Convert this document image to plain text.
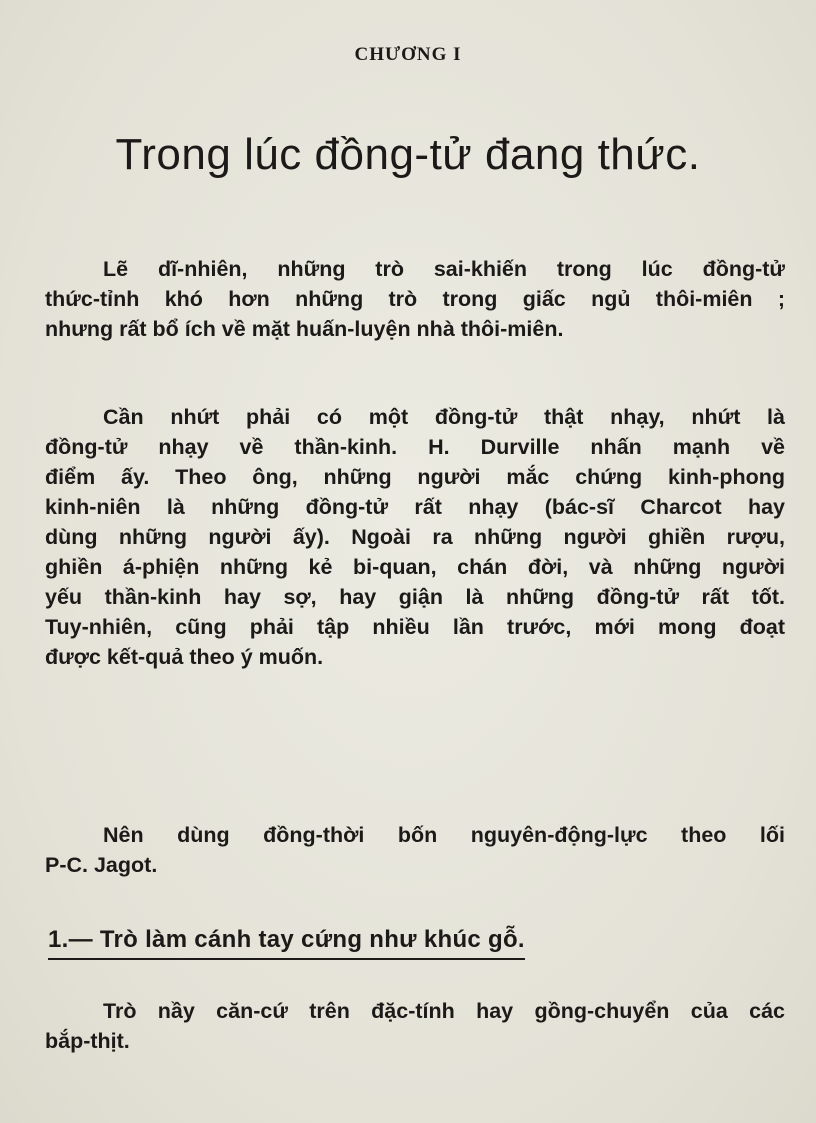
CHƯƠNG I
Trong lúc đồng-tử đang thức.
Lẽ dĩ-nhiên, những trò sai-khiến trong lúc đồng-tử
thức-tỉnh khó hơn những trò trong giấc ngủ thôi-miên ;
nhưng rất bổ ích về mặt huấn-luyện nhà thôi-miên.
Cần nhứt phải có một đồng-tử thật nhạy, nhứt là
đồng-tử nhạy về thần-kinh. H. Durville nhấn mạnh về
điểm ấy. Theo ông, những người mắc chứng kinh-phong
kinh-niên là những đồng-tử rất nhạy (bác-sĩ Charcot hay
dùng những người ấy). Ngoài ra những người ghiền rượu,
ghiền á-phiện những kẻ bi-quan, chán đời, và những người
yếu thần-kinh hay sợ, hay giận là những đồng-tử rất tốt.
Tuy-nhiên, cũng phải tập nhiều lần trước, mới mong đoạt
được kết-quả theo ý muốn.
Nên dùng đồng-thời bốn nguyên-động-lực theo lối
P-C. Jagot.
Trò nầy căn-cứ trên đặc-tính hay gồng-chuyển của các
bắp-thịt.
1.— Trò làm cánh tay cứng như khúc gỗ.
